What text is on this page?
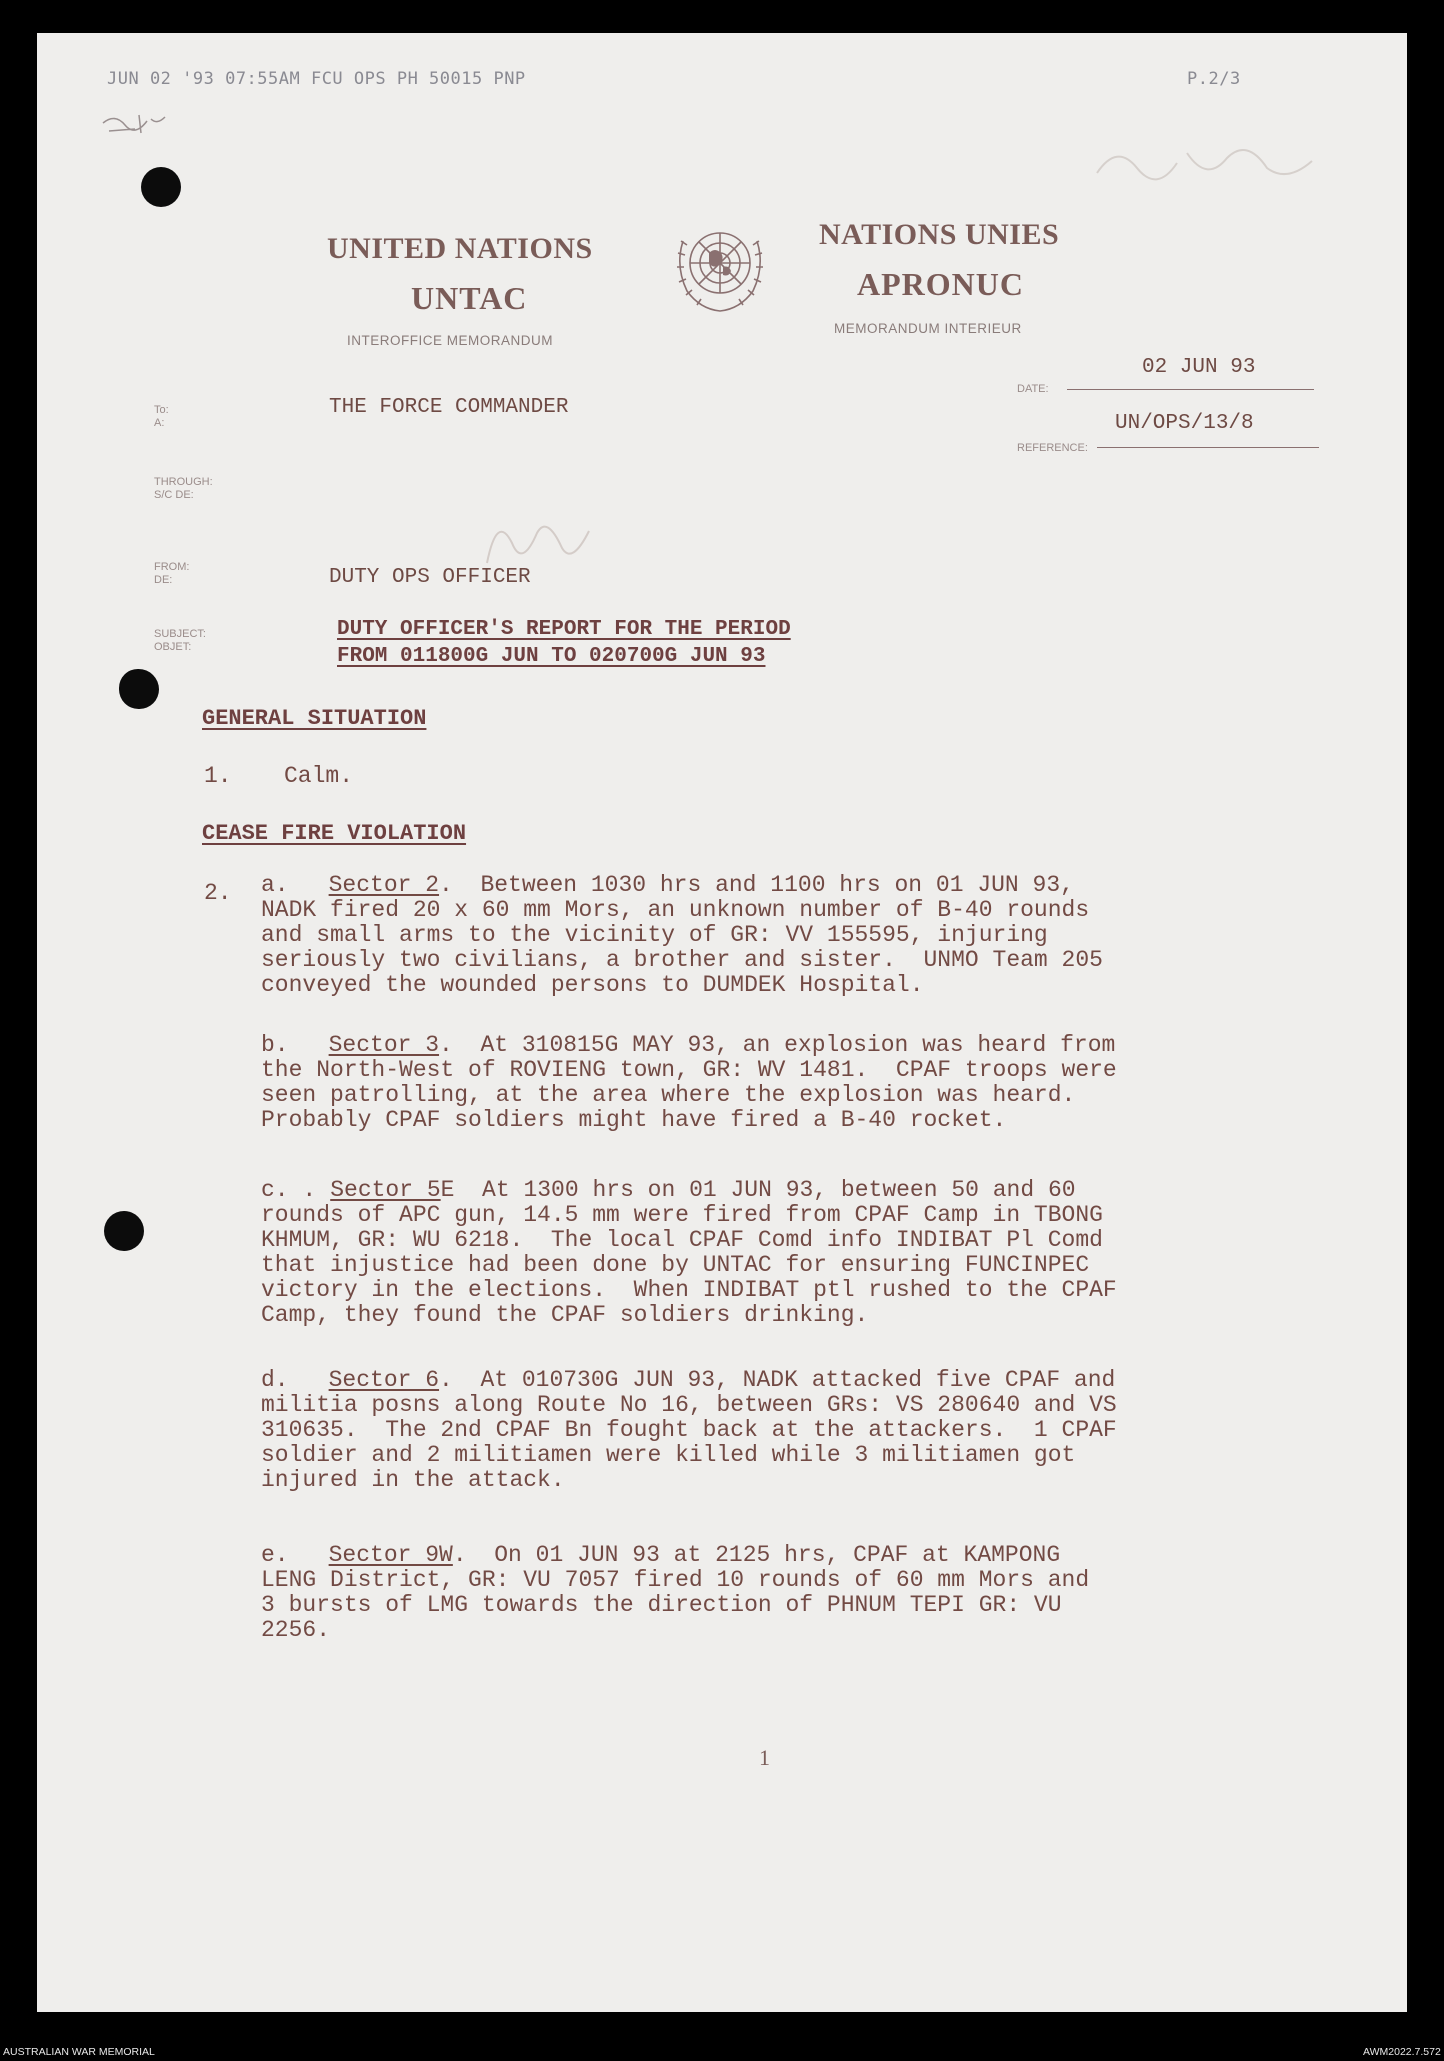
JUN 02 '93 07:55AM FCU OPS PH 50015 PNP	P.2/3
UNITED NATIONS
UNTAC
INTEROFFICE MEMORANDUM
NATIONS UNIES
APRONUC
MEMORANDUM INTERIEUR
To:
A:
THE FORCE COMMANDER
DATE:
02 JUN 93
REFERENCE:
UN/OPS/13/8
THROUGH:
S/C DE:
FROM:
DE:	DUTY OPS OFFICER
SUBJECT:
OBJET:
DUTY OFFICER'S REPORT FOR THE PERIOD
FROM 011800G JUN TO 020700G JUN 93
GENERAL SITUATION
1. Calm.
CEASE FIRE VIOLATION
2. a. Sector 2.  Between 1030 hrs and 1100 hrs on 01 JUN 93,
NADK fired 20 x 60 mm Mors, an unknown number of B-40 rounds
and small arms to the vicinity of GR: VV 155595, injuring
seriously two civilians, a brother and sister.  UNMO Team 205
conveyed the wounded persons to DUMDEK Hospital.
b. Sector 3.  At 310815G MAY 93, an explosion was heard from
the North-West of ROVIENG town, GR: WV 1481.  CPAF troops were
seen patrolling, at the area where the explosion was heard.
Probably CPAF soldiers might have fired a B-40 rocket.
c. . Sector 5E  At 1300 hrs on 01 JUN 93, between 50 and 60
rounds of APC gun, 14.5 mm were fired from CPAF Camp in TBONG
KHMUM, GR: WU 6218.  The local CPAF Comd info INDIBAT Pl Comd
that injustice had been done by UNTAC for ensuring FUNCINPEC
victory in the elections.  When INDIBAT ptl rushed to the CPAF
Camp, they found the CPAF soldiers drinking.
d. Sector 6.  At 010730G JUN 93, NADK attacked five CPAF and
militia posns along Route No 16, between GRs: VS 280640 and VS
310635.  The 2nd CPAF Bn fought back at the attackers.  1 CPAF
soldier and 2 militiamen were killed while 3 militiamen got
injured in the attack.
e. Sector 9W.  On 01 JUN 93 at 2125 hrs, CPAF at KAMPONG
LENG District, GR: VU 7057 fired 10 rounds of 60 mm Mors and
3 bursts of LMG towards the direction of PHNUM TEPI GR: VU
2256.
1
AUSTRALIAN WAR MEMORIAL	AWM2022.7.572
